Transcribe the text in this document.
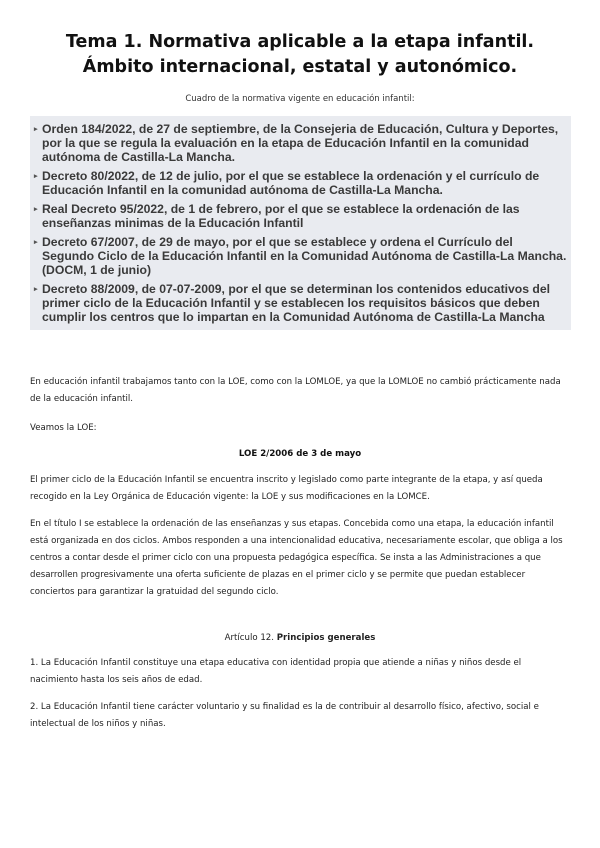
Tema 1. Normativa aplicable a la etapa infantil. Ámbito internacional, estatal y autonómico.

Cuadro de la normativa vigente en educación infantil:

▸ Orden 184/2022, de 27 de septiembre, de la Consejeria de Educación, Cultura y Deportes, por la que se regula la evaluación en la etapa de Educación Infantil en la comunidad autónoma de Castilla-La Mancha.
▸ Decreto 80/2022, de 12 de julio, por el que se establece la ordenación y el currículo de Educación Infantil en la comunidad autónoma de Castilla-La Mancha.
▸ Real Decreto 95/2022, de 1 de febrero, por el que se establece la ordenación de las enseñanzas minimas de la Educación Infantil
▸ Decreto 67/2007, de 29 de mayo, por el que se establece y ordena el Currículo del Segundo Ciclo de la Educación Infantil en la Comunidad Autónoma de Castilla-La Mancha. (DOCM, 1 de junio)
▸ Decreto 88/2009, de 07-07-2009, por el que se determinan los contenidos educativos del primer ciclo de la Educación Infantil y se establecen los requisitos básicos que deben cumplir los centros que lo impartan en la Comunidad Autónoma de Castilla-La Mancha

En educación infantil trabajamos tanto con la LOE, como con la LOMLOE, ya que la LOMLOE no cambió prácticamente nada de la educación infantil.

Veamos la LOE:

LOE 2/2006 de 3 de mayo

El primer ciclo de la Educación Infantil se encuentra inscrito y legislado como parte integrante de la etapa, y así queda recogido en la Ley Orgánica de Educación vigente: la LOE y sus modificaciones en la LOMCE.

En el título I se establece la ordenación de las enseñanzas y sus etapas. Concebida como una etapa, la educación infantil está organizada en dos ciclos. Ambos responden a una intencionalidad educativa, necesariamente escolar, que obliga a los centros a contar desde el primer ciclo con una propuesta pedagógica específica. Se insta a las Administraciones a que desarrollen progresivamente una oferta suficiente de plazas en el primer ciclo y se permite que puedan establecer conciertos para garantizar la gratuidad del segundo ciclo.

Artículo 12. Principios generales

1. La Educación Infantil constituye una etapa educativa con identidad propia que atiende a niñas y niños desde el nacimiento hasta los seis años de edad.

2. La Educación Infantil tiene carácter voluntario y su finalidad es la de contribuir al desarrollo físico, afectivo, social e intelectual de los niños y niñas.
